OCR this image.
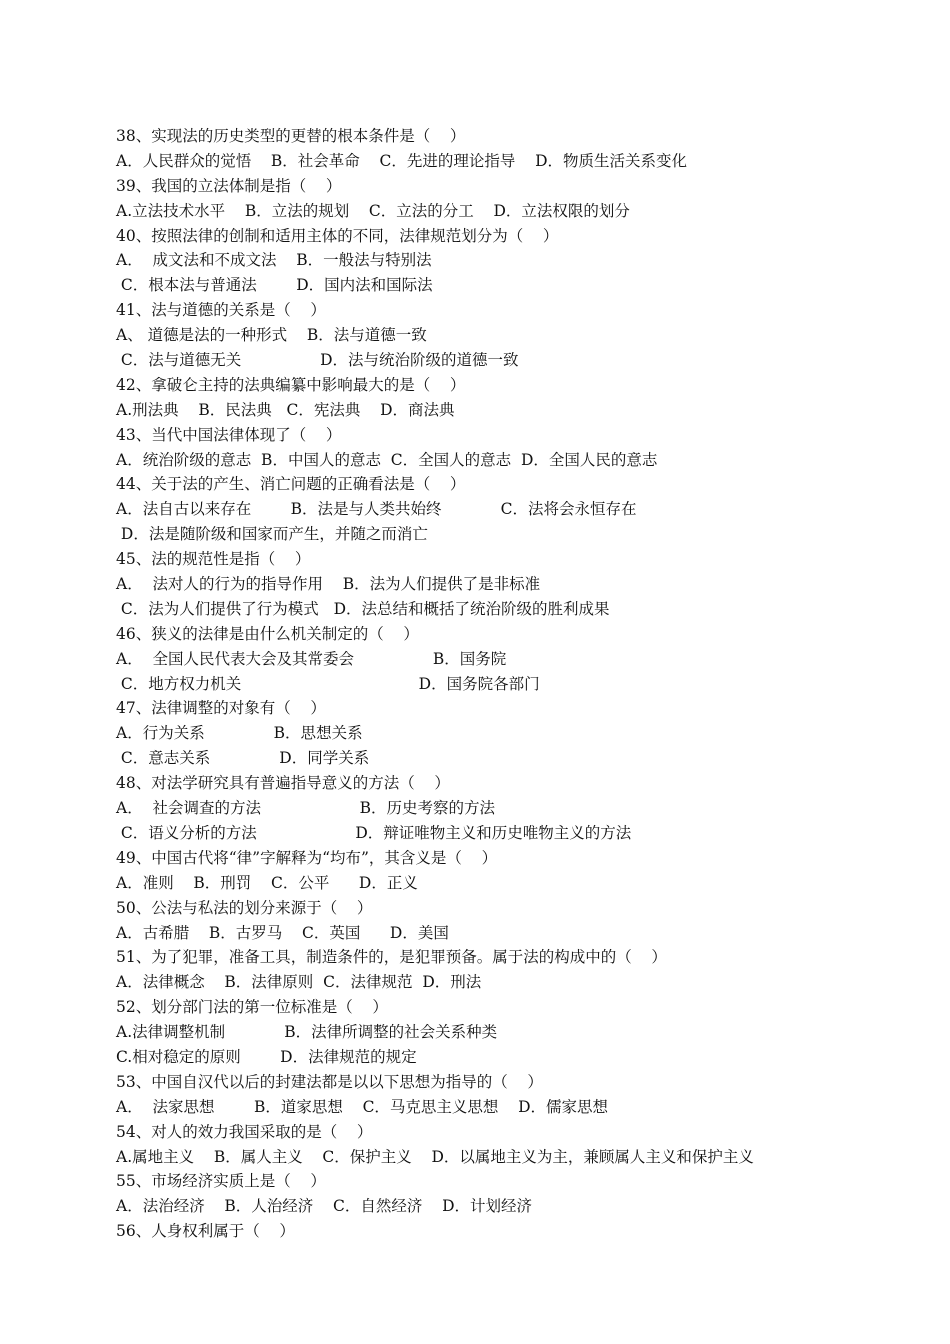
38、实现法的历史类型的更替的根本条件是（    ）
A．人民群众的觉悟    B．社会革命    C．先进的理论指导    D．物质生活关系变化
39、我国的立法体制是指（    ）
A.立法技术水平    B．立法的规划    C．立法的分工    D．立法权限的划分
40、按照法律的创制和适用主体的不同，法律规范划分为（    ）
A．  成文法和不成文法    B．一般法与特别法
C．根本法与普通法        D．国内法和国际法
41、法与道德的关系是（    ）
A、 道德是法的一种形式    B．法与道德一致
C．法与道德无关                D．法与统治阶级的道德一致
42、拿破仑主持的法典编纂中影响最大的是（    ）
A.刑法典    B．民法典   C．宪法典    D．商法典
43、当代中国法律体现了（    ）
A．统治阶级的意志  B．中国人的意志  C．全国人的意志  D．全国人民的意志
44、关于法的产生、消亡问题的正确看法是（    ）
A．法自古以来存在        B．法是与人类共始终            C．法将会永恒存在
D．法是随阶级和国家而产生，并随之而消亡
45、法的规范性是指（    ）
A．  法对人的行为的指导作用    B．法为人们提供了是非标准
C．法为人们提供了行为模式   D．法总结和概括了统治阶级的胜利成果
46、狭义的法律是由什么机关制定的（    ）
A．  全国人民代表大会及其常委会                B．国务院
C．地方权力机关                                    D．国务院各部门
47、法律调整的对象有（    ）
A．行为关系              B．思想关系
C．意志关系              D．同学关系
48、对法学研究具有普遍指导意义的方法（    ）
A．  社会调查的方法                    B．历史考察的方法
C．语义分析的方法                    D．辩证唯物主义和历史唯物主义的方法
49、中国古代将“律”字解释为“均布”，其含义是（    ）
A．准则    B．刑罚    C．公平      D．正义
50、公法与私法的划分来源于（    ）
A．古希腊    B．古罗马    C．英国      D．美国
51、为了犯罪，准备工具，制造条件的，是犯罪预备。属于法的构成中的（    ）
A．法律概念    B．法律原则  C．法律规范  D．刑法
52、划分部门法的第一位标准是（    ）
A.法律调整机制            B．法律所调整的社会关系种类
C.相对稳定的原则        D．法律规范的规定
53、中国自汉代以后的封建法都是以以下思想为指导的（    ）
A．  法家思想        B．道家思想    C．马克思主义思想    D．儒家思想
54、对人的效力我国采取的是（    ）
A.属地主义    B．属人主义    C．保护主义    D．以属地主义为主，兼顾属人主义和保护主义
55、市场经济实质上是（    ）
A．法治经济    B．人治经济    C．自然经济    D．计划经济
56、人身权利属于（    ）
